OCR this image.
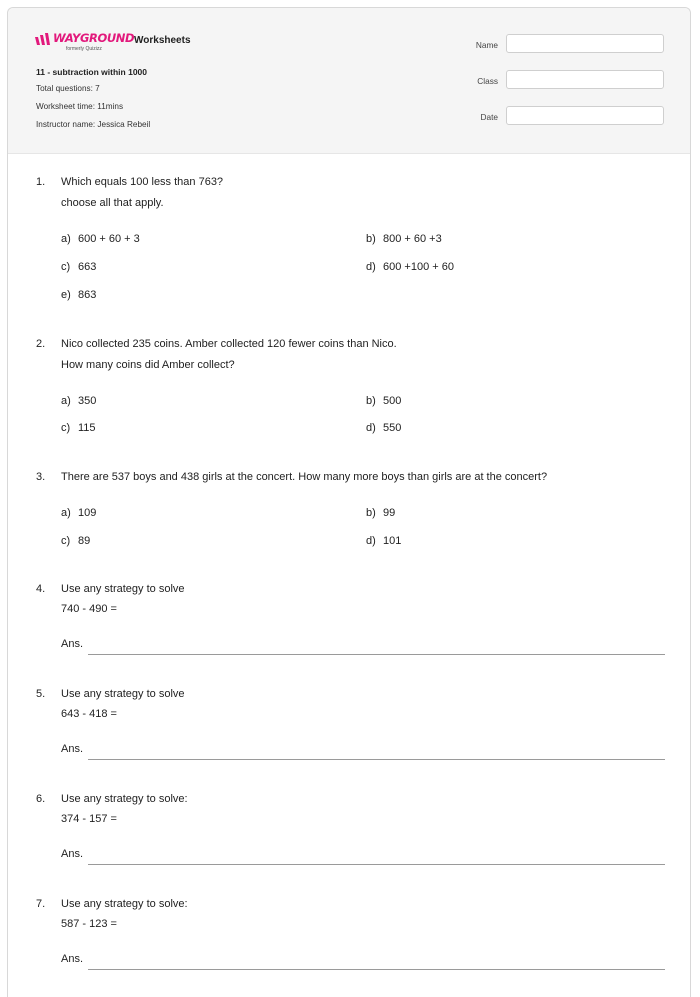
WAYGROUND
formerly Quizizz
Worksheets
11 - subtraction within 1000
Total questions: 7
Worksheet time: 11mins
Instructor name: Jessica Rebeil
Name
Class
Date
1. Which equals 100 less than 763?
choose all that apply.
a) 600 + 60 + 3	b) 800 + 60 +3
c) 663	d) 600 +100 + 60
e) 863
2. Nico collected 235 coins. Amber collected 120 fewer coins than Nico.
How many coins did Amber collect?
a) 350	b) 500
c) 115	d) 550
3. There are 537 boys and 438 girls at the concert. How many more boys than girls are at the concert?
a) 109	b) 99
c) 89	d) 101
4. Use any strategy to solve
740 - 490 =
Ans.
5. Use any strategy to solve
643 - 418 =
Ans.
6. Use any strategy to solve:
374 - 157 =
Ans.
7. Use any strategy to solve:
587 - 123 =
Ans.
